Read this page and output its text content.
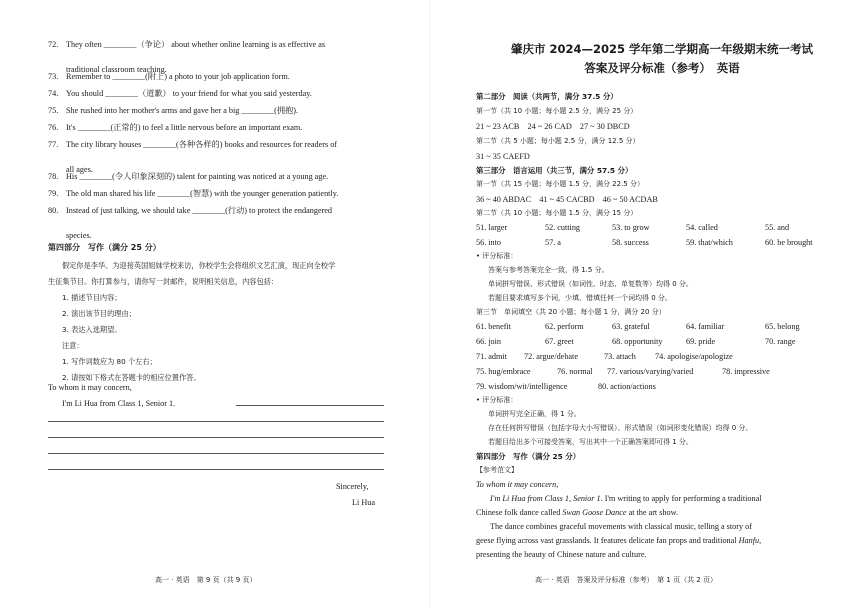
72. They often ________（争论） about whether online learning is as effective as
traditional classroom teaching.
73. Remember to ________(附上) a photo to your job application form.
74. You should ________（道歉） to your friend for what you said yesterday.
75. She rushed into her mother's arms and gave her a big ________(拥抱).
76. It's ________(正常的) to feel a little nervous before an important exam.
77. The city library houses ________(各种各样的) books and resources for readers of
all ages.
78. His ________(令人印象深刻的) talent for painting was noticed at a young age.
79. The old man shared his life ________(智慧) with the younger generation patiently.
80. Instead of just talking, we should take ________(行动) to protect the endangered
species.
第四部分　写作（满分 25 分）
假定你是李华。为迎接英国姐妹学校来访，你校学生会将组织文艺汇演，现正向全校学
生征集节目。你打算参与，请你写一封邮件，说明相关信息，内容包括：
1. 描述节目内容；
2. 演出该节目的理由；
3. 表达入选期望。
注意：
1. 写作词数应为 80 个左右；
2. 请按如下格式在答题卡的相应位置作答。
To whom it may concern,
I'm Li Hua from Class 1, Senior 1.
Sincerely,
Li Hua
高一 · 英语　第 9 页（共 9 页）
肇庆市 2024—2025 学年第二学期高一年级期末统一考试
答案及评分标准（参考）　英语
第二部分　阅读（共两节，满分 37.5 分）
第一节（共 10 小题；每小题 2.5 分，满分 25 分）
21 ~ 23 ACB　24 ~ 26 CAD　27 ~ 30 DBCD
第二节（共 5 小题；每小题 2.5 分，满分 12.5 分）
31 ~ 35 CAEFD
第三部分　语言运用（共三节，满分 57.5 分）
第一节（共 15 小题；每小题 1.5 分，满分 22.5 分）
36 ~ 40 ABDAC　41 ~ 45 CACBD　46 ~ 50 ACDAB
第二节（共 10 小题；每小题 1.5 分，满分 15 分）
51. larger	52. cutting	53. to grow	54. called	55. and
56. into	57. a	58. success	59. that/which	60. be brought
• 评分标准：
答案与参考答案完全一致，得 1.5 分。
单词拼写错误、形式错误（如词性、时态、单复数等）均得 0 分。
若题目要求填写多个词，少填、错填任何一个词均得 0 分。
第三节　单词填空（共 20 小题；每小题 1 分，满分 20 分）
61. benefit	62. perform	63. grateful	64. familiar	65. belong
66. join	67. greet	68. opportunity	69. pride	70. range
71. admit 72. argue/debate	73. attach 74. apologise/apologize
75. hug/embrace	76. normal 77. various/varying/varied	78. impressive
79. wisdom/wit/intelligence	80. action/actions
• 评分标准：
单词拼写完全正确，得 1 分。
存在任何拼写错误（包括字母大小写错误）、形式错误（如词形变化错误）均得 0 分。
若题目给出多个可接受答案，写出其中一个正确答案即可得 1 分。
第四部分　写作（满分 25 分）
【参考范文】
To whom it may concern,
I'm Li Hua from Class 1, Senior 1. I'm writing to apply for performing a traditional
Chinese folk dance called Swan Goose Dance at the art show.
The dance combines graceful movements with classical music, telling a story of
geese flying across vast grasslands. It features delicate fan props and traditional Hanfu,
presenting the beauty of Chinese nature and culture.
高一 · 英语　答案及评分标准（参考）　第 1 页（共 2 页）
